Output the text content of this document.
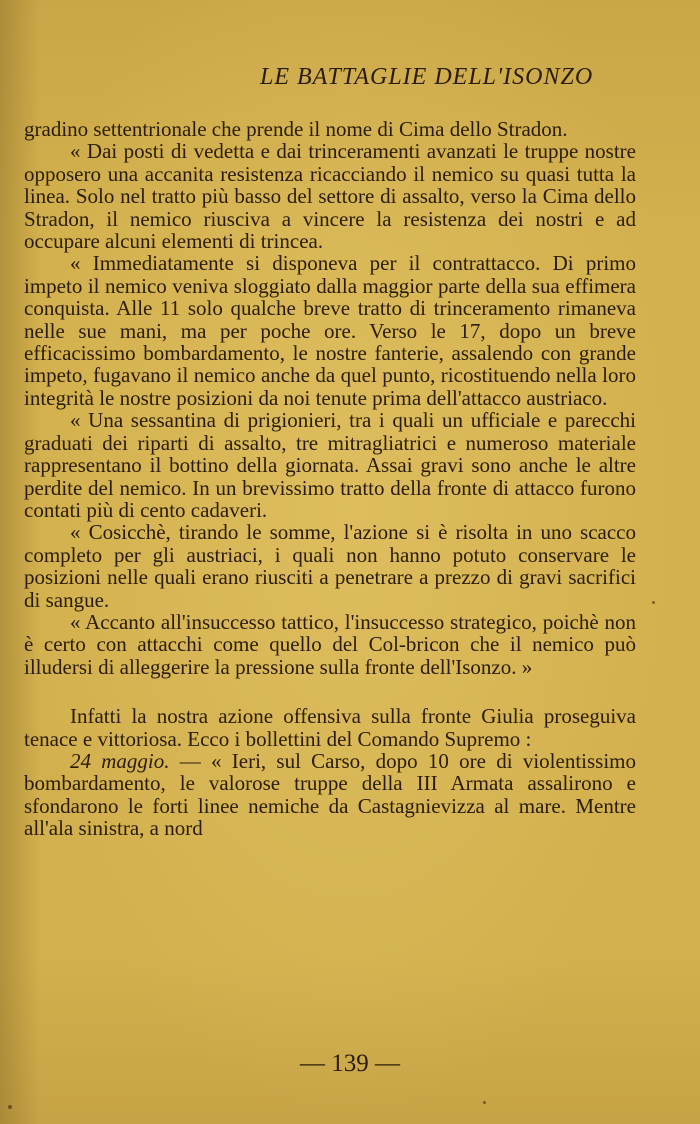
LE BATTAGLIE DELL'ISONZO

gradino settentrionale che prende il nome di Cima dello Stradon.

« Dai posti di vedetta e dai trinceramenti avanzati le truppe nostre opposero una accanita resistenza ricacciando il nemico su quasi tutta la linea. Solo nel tratto più basso del settore di assalto, verso la Cima dello Stradon, il nemico riusciva a vincere la resistenza dei nostri e ad occupare alcuni elementi di trincea.

« Immediatamente si disponeva per il contrattacco. Di primo impeto il nemico veniva sloggiato dalla maggior parte della sua effimera conquista. Alle 11 solo qualche breve tratto di trinceramento rimaneva nelle sue mani, ma per poche ore. Verso le 17, dopo un breve efficacissimo bombardamento, le nostre fanterie, assalendo con grande impeto, fugavano il nemico anche da quel punto, ricostituendo nella loro integrità le nostre posizioni da noi tenute prima dell'attacco austriaco.

« Una sessantina di prigionieri, tra i quali un ufficiale e parecchi graduati dei riparti di assalto, tre mitragliatrici e numeroso materiale rappresentano il bottino della giornata. Assai gravi sono anche le altre perdite del nemico. In un brevissimo tratto della fronte di attacco furono contati più di cento cadaveri.

« Cosicchè, tirando le somme, l'azione si è risolta in uno scacco completo per gli austriaci, i quali non hanno potuto conservare le posizioni nelle quali erano riusciti a penetrare a prezzo di gravi sacrifici di sangue.

« Accanto all'insuccesso tattico, l'insuccesso strategico, poichè non è certo con attacchi come quello del Col-bricon che il nemico può illudersi di alleggerire la pressione sulla fronte dell'Isonzo. »

Infatti la nostra azione offensiva sulla fronte Giulia proseguiva tenace e vittoriosa. Ecco i bollettini del Comando Supremo :

24 maggio. — « Ieri, sul Carso, dopo 10 ore di violentissimo bombardamento, le valorose truppe della III Armata assalirono e sfondarono le forti linee nemiche da Castagnievizza al mare. Mentre all'ala sinistra, a nord

— 139 —
